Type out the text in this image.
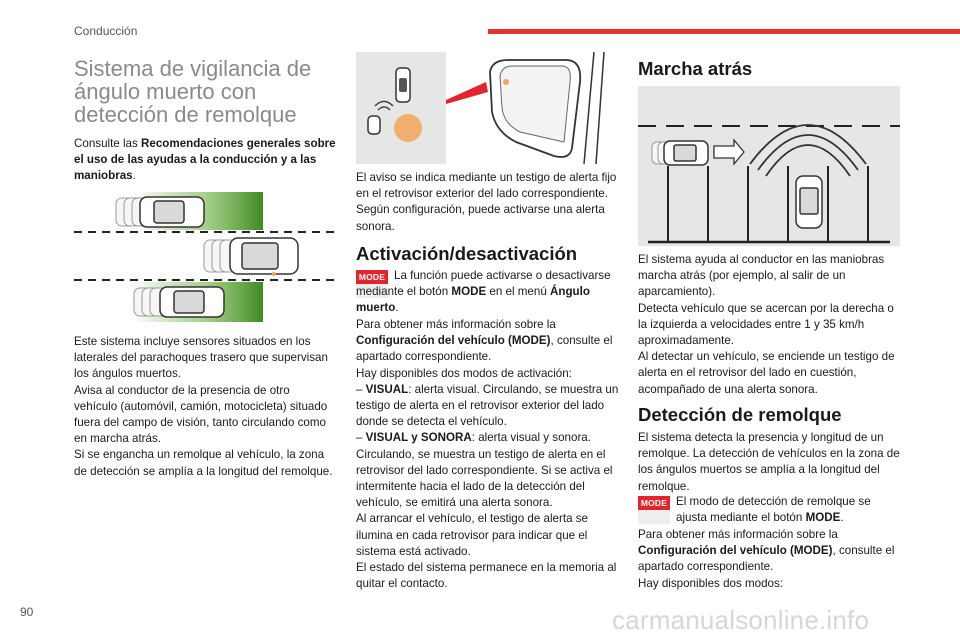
Conducción
90	carmanualsonline.info
Sistema de vigilancia de ángulo muerto con detección de remolque

Consulte las Recomendaciones generales sobre el uso de las ayudas a la conducción y a las maniobras.

Este sistema incluye sensores situados en los laterales del parachoques trasero que supervisan los ángulos muertos.
Avisa al conductor de la presencia de otro vehículo (automóvil, camión, motocicleta) situado fuera del campo de visión, tanto circulando como en marcha atrás.
Si se engancha un remolque al vehículo, la zona de detección se amplía a la longitud del remolque.

El aviso se indica mediante un testigo de alerta fijo en el retrovisor exterior del lado correspondiente. Según configuración, puede activarse una alerta sonora.

Activación/desactivación
MODE La función puede activarse o desactivarse mediante el botón MODE en el menú Ángulo muerto.
Para obtener más información sobre la Configuración del vehículo (MODE), consulte el apartado correspondiente.
Hay disponibles dos modos de activación:
– VISUAL: alerta visual. Circulando, se muestra un testigo de alerta en el retrovisor exterior del lado donde se detecta el vehículo.
– VISUAL y SONORA: alerta visual y sonora. Circulando, se muestra un testigo de alerta en el retrovisor del lado correspondiente. Si se activa el intermitente hacia el lado de la detección del vehículo, se emitirá una alerta sonora.
Al arrancar el vehículo, el testigo de alerta se ilumina en cada retrovisor para indicar que el sistema está activado.
El estado del sistema permanece en la memoria al quitar el contacto.
Marcha atrás

El sistema ayuda al conductor en las maniobras marcha atrás (por ejemplo, al salir de un aparcamiento).
Detecta vehículo que se acercan por la derecha o la izquierda a velocidades entre 1 y 35 km/h aproximadamente.
Al detectar un vehículo, se enciende un testigo de alerta en el retrovisor del lado en cuestión, acompañado de una alerta sonora.

Detección de remolque

El sistema detecta la presencia y longitud de un remolque. La detección de vehículos en la zona de los ángulos muertos se amplía a la longitud del remolque.

MODE El modo de detección de remolque se ajusta mediante el botón MODE.
Para obtener más información sobre la Configuración del vehículo (MODE), consulte el apartado correspondiente.
Hay disponibles dos modos:
